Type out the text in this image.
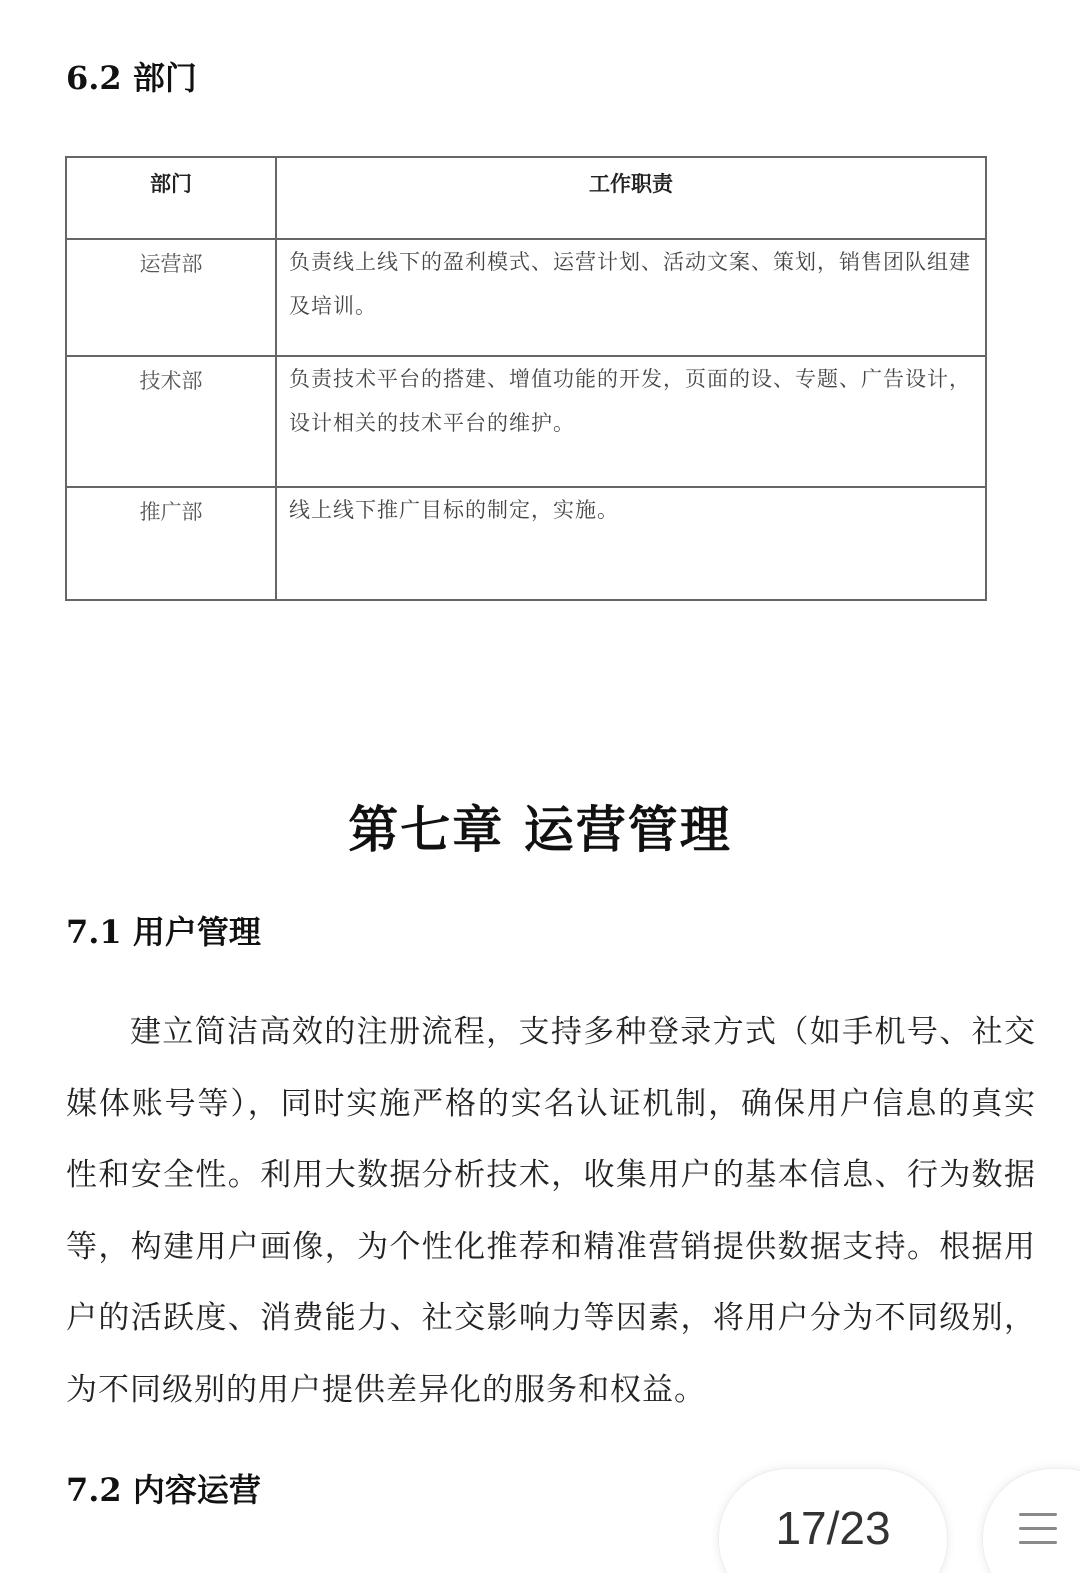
6.2 部门
部门	工作职责
运营部	负责线上线下的盈利模式、运营计划、活动文案、策划，销售团队组建及培训。
技术部	负责技术平台的搭建、增值功能的开发，页面的设、专题、广告设计，设计相关的技术平台的维护。
推广部	线上线下推广目标的制定，实施。
第七章 运营管理
7.1 用户管理

建立简洁高效的注册流程，支持多种登录方式（如手机号、社交媒体账号等），同时实施严格的实名认证机制，确保用户信息的真实性和安全性。利用大数据分析技术，收集用户的基本信息、行为数据等，构建用户画像，为个性化推荐和精准营销提供数据支持。根据用户的活跃度、消费能力、社交影响力等因素，将用户分为不同级别，为不同级别的用户提供差异化的服务和权益。

7.2 内容运营
17/23
